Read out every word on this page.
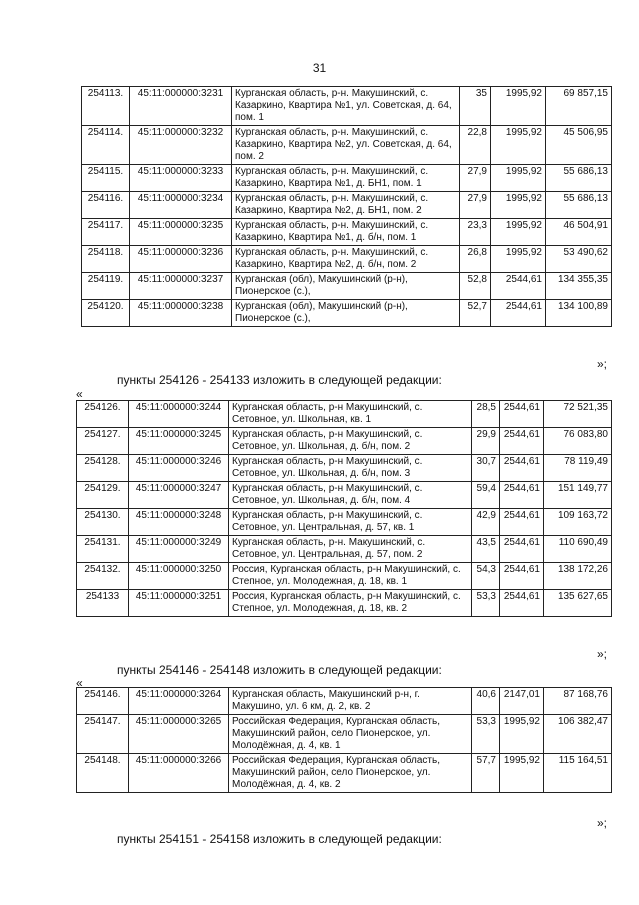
31
254113.	45:11:000000:3231	Курганская область, р-н. Макушинский, с. Казаркино, Квартира №1, ул. Советская, д. 64, пом. 1	35	1995,92	69 857,15
254114.	45:11:000000:3232	Курганская область, р-н. Макушинский, с. Казаркино, Квартира №2, ул. Советская, д. 64, пом. 2	22,8	1995,92	45 506,95
254115.	45:11:000000:3233	Курганская область, р-н. Макушинский, с. Казаркино, Квартира №1, д. БН1, пом. 1	27,9	1995,92	55 686,13
254116.	45:11:000000:3234	Курганская область, р-н. Макушинский, с. Казаркино, Квартира №2, д. БН1, пом. 2	27,9	1995,92	55 686,13
254117.	45:11:000000:3235	Курганская область, р-н. Макушинский, с. Казаркино, Квартира №1, д. б/н, пом. 1	23,3	1995,92	46 504,91
254118.	45:11:000000:3236	Курганская область, р-н. Макушинский, с. Казаркино, Квартира №2, д. б/н, пом. 2	26,8	1995,92	53 490,62
254119.	45:11:000000:3237	Курганская (обл), Макушинский (р-н), Пионерское (с.),	52,8	2544,61	134 355,35
254120.	45:11:000000:3238	Курганская (обл), Макушинский (р-н), Пионерское (с.),	52,7	2544,61	134 100,89
»;
пункты 254126 - 254133 изложить в следующей редакции:
«
254126.	45:11:000000:3244	Курганская область, р-н Макушинский, с. Сетовное, ул. Школьная, кв. 1	28,5	2544,61	72 521,35
254127.	45:11:000000:3245	Курганская область, р-н Макушинский, с. Сетовное, ул. Школьная, д. б/н, пом. 2	29,9	2544,61	76 083,80
254128.	45:11:000000:3246	Курганская область, р-н Макушинский, с. Сетовное, ул. Школьная, д. б/н, пом. 3	30,7	2544,61	78 119,49
254129.	45:11:000000:3247	Курганская область, р-н Макушинский, с. Сетовное, ул. Школьная, д. б/н, пом. 4	59,4	2544,61	151 149,77
254130.	45:11:000000:3248	Курганская область, р-н Макушинский, с. Сетовное, ул. Центральная, д. 57, кв. 1	42,9	2544,61	109 163,72
254131.	45:11:000000:3249	Курганская область, р-н. Макушинский, с. Сетовное, ул. Центральная, д. 57, пом. 2	43,5	2544,61	110 690,49
254132.	45:11:000000:3250	Россия, Курганская область, р-н Макушинский, с. Степное, ул. Молодежная, д. 18, кв. 1	54,3	2544,61	138 172,26
254133	45:11:000000:3251	Россия, Курганская область, р-н Макушинский, с. Степное, ул. Молодежная, д. 18, кв. 2	53,3	2544,61	135 627,65
»;
пункты 254146 - 254148 изложить в следующей редакции:
«
254146.	45:11:000000:3264	Курганская область, Макушинский р-н, г. Макушино, ул. 6 км, д. 2, кв. 2	40,6	2147,01	87 168,76
254147.	45:11:000000:3265	Российская Федерация, Курганская область, Макушинский район, село Пионерское, ул. Молодёжная, д. 4, кв. 1	53,3	1995,92	106 382,47
254148.	45:11:000000:3266	Российская Федерация, Курганская область, Макушинский район, село Пионерское, ул. Молодёжная, д. 4, кв. 2	57,7	1995,92	115 164,51
»;
пункты 254151 - 254158 изложить в следующей редакции:
